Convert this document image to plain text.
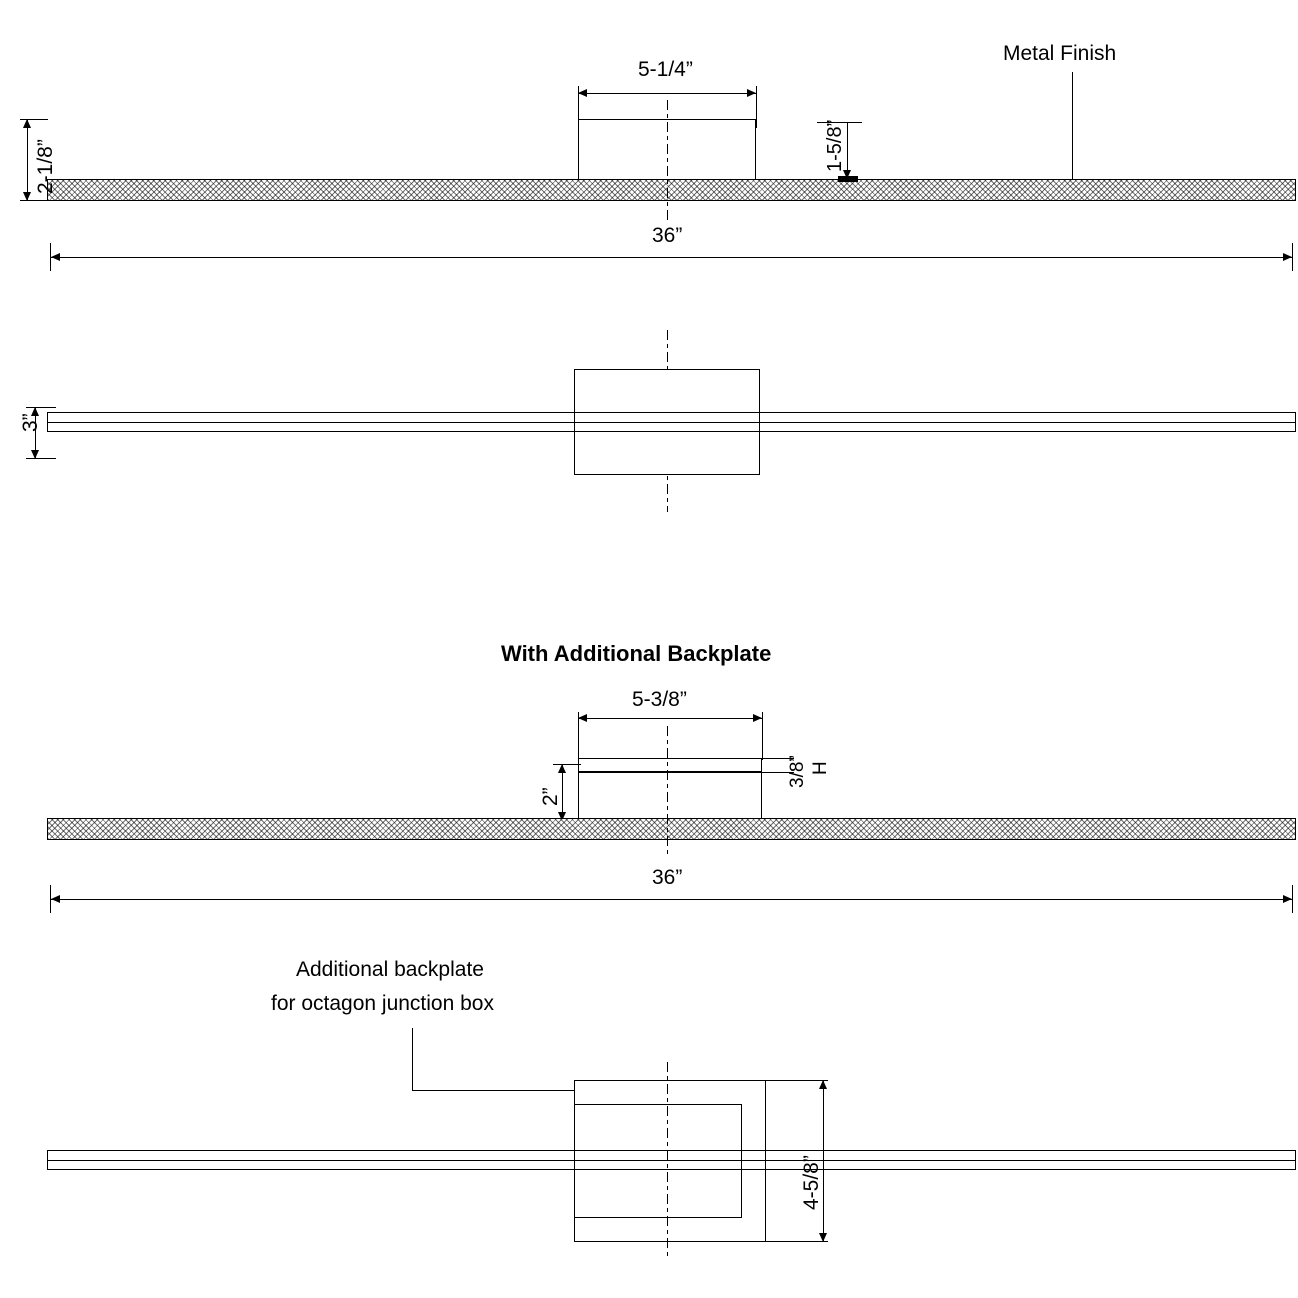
Metal Finish
5-1/4”
2-1/8”	1-5/8”
36”
3”
With Additional Backplate
5-3/8”
3/8” H
2”
36”
Additional backplate
for octagon junction box
4-5/8”
